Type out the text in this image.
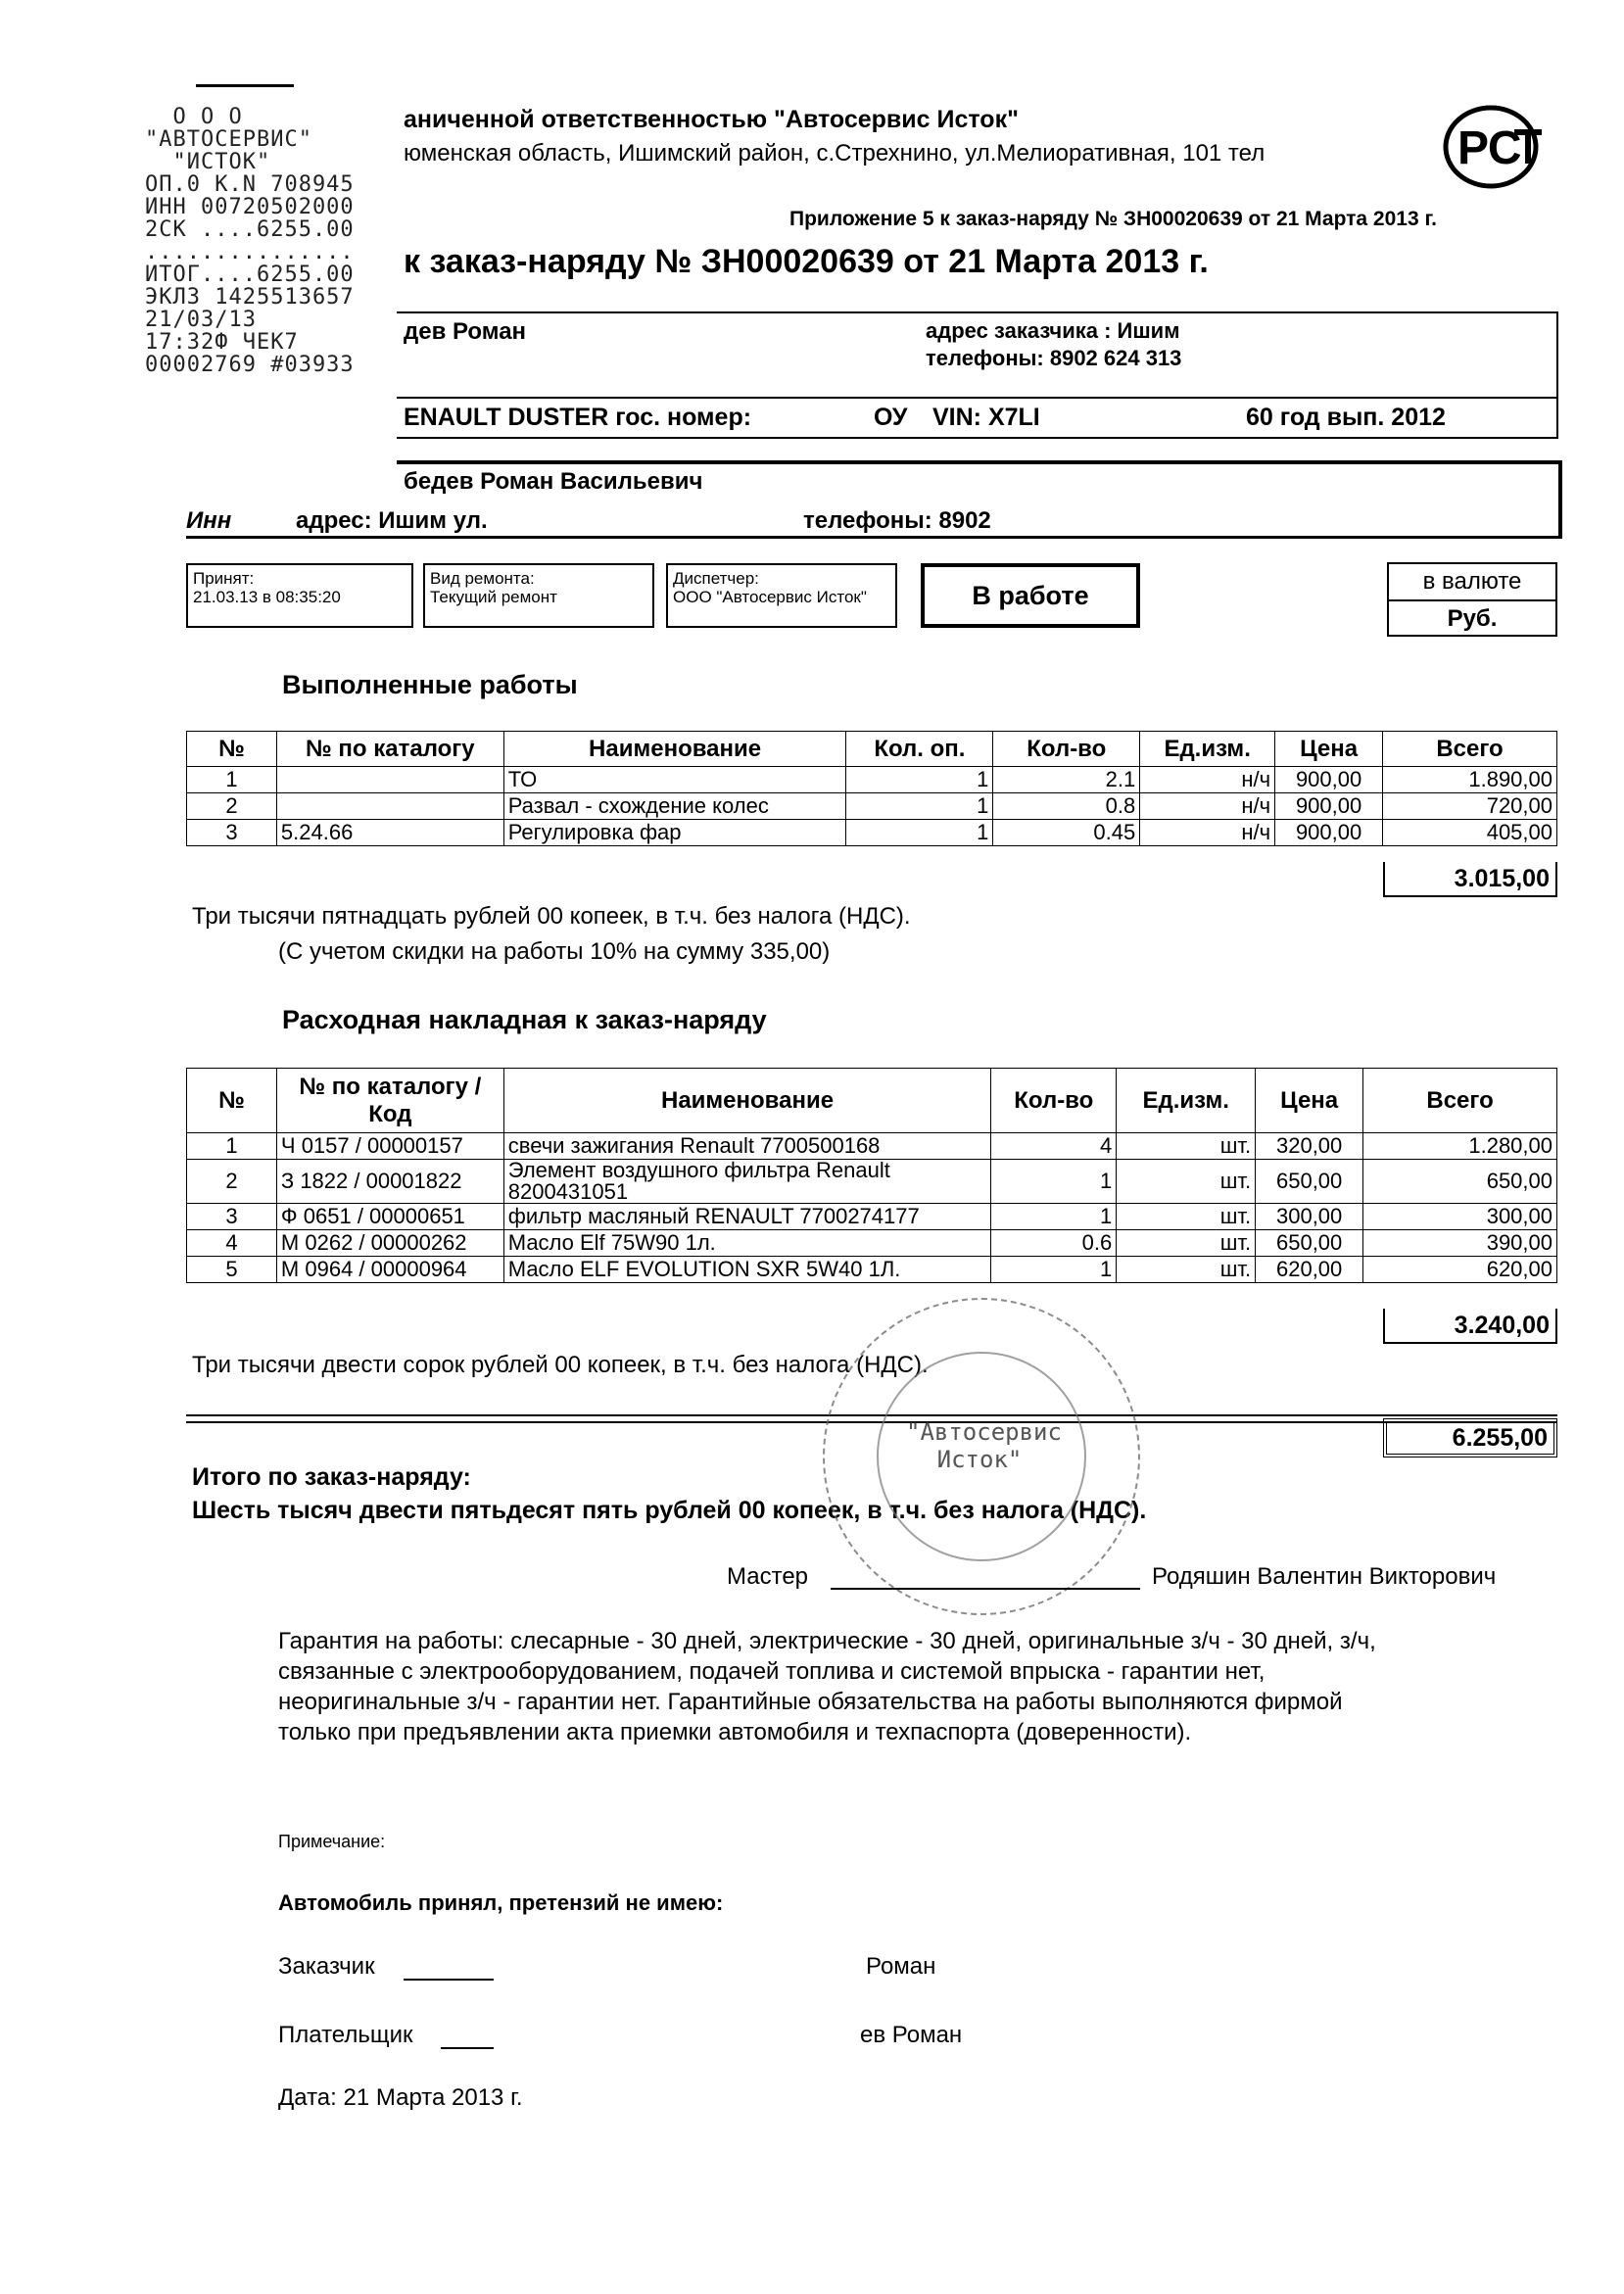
О О О
"АВТОСЕРВИС"
"ИСТОК"
ОП.0 К.N 708945
ИНН 00720502000
2СК ....6255.00
...............
ИТОГ....6255.00
ЭКЛЗ 1425513657
21/03/13
17:32Ф ЧЕК7
00002769 #03933
аниченной ответственностью "Автосервис Исток"
юменская область, Ишимский район, с.Стрехнино, ул.Мелиоративная, 101 тел
Приложение 5 к заказ-наряду № ЗН00020639 от 21 Марта 2013 г.
к заказ-наряду № ЗН00020639 от 21 Марта 2013 г.
РС
дев Роман	адрес заказчика : Ишим
телефоны: 8902 624 313
ENAULT DUSTER гос. номер:	ОУ VIN: X7LI	60 год вып. 2012
бедев Роман Васильевич
Инн	адрес: Ишим ул.	телефоны: 8902
Принят:
21.03.13 в 08:35:20
Вид ремонта:
Текущий ремонт
Диспетчер:
ООО "Автосервис Исток"	В работе	в валюте
Руб.
Выполненные работы
№	№ по каталогу	Наименование	Кол. оп.	Кол-во	Ед.изм.	Цена	Всего
1		ТО	1	2.1	н/ч	900,00	1.890,00
2		Развал - схождение колес	1	0.8	н/ч	900,00	720,00
3	5.24.66	Регулировка фар	1	0.45	н/ч	900,00	405,00
3.015,00
Три тысячи пятнадцать рублей 00 копеек, в т.ч. без налога (НДС).
(С учетом скидки на работы 10% на сумму 335,00)
Расходная накладная к заказ-наряду
№	№ по каталогу / Код	Наименование	Кол-во	Ед.изм.	Цена	Всего
1	Ч 0157 / 00000157	свечи зажигания Renault 7700500168	4	шт.	320,00	1.280,00
2	З 1822 / 00001822	Элемент воздушного фильтра Renault 8200431051	1	шт.	650,00	650,00
3	Ф 0651 / 00000651	фильтр масляный RENAULT 7700274177	1	шт.	300,00	300,00
4	М 0262 / 00000262	Масло Elf 75W90 1л.	0.6	шт.	650,00	390,00
5	М 0964 / 00000964	Масло ELF EVOLUTION SXR 5W40 1Л.	1	шт.	620,00	620,00
3.240,00
Три тысячи двести сорок рублей 00 копеек, в т.ч. без налога (НДС).
6.255,00
Итого по заказ-наряду:
Шесть тысяч двести пятьдесят пять рублей 00 копеек, в т.ч. без налога (НДС).
"Автосервис
Исток"
Мастер	Родяшин Валентин Викторович
Гарантия на работы: слесарные - 30 дней, электрические - 30 дней, оригинальные з/ч - 30 дней, з/ч,
связанные с электрооборудованием, подачей топлива и системой впрыска - гарантии нет,
неоригинальные з/ч - гарантии нет. Гарантийные обязательства на работы выполняются фирмой
только при предъявлении акта приемки автомобиля и техпаспорта (доверенности).
Примечание:
Автомобиль принял, претензий не имею:
Заказчик	Роман
Плательщик	ев Роман
Дата: 21 Марта 2013 г.
